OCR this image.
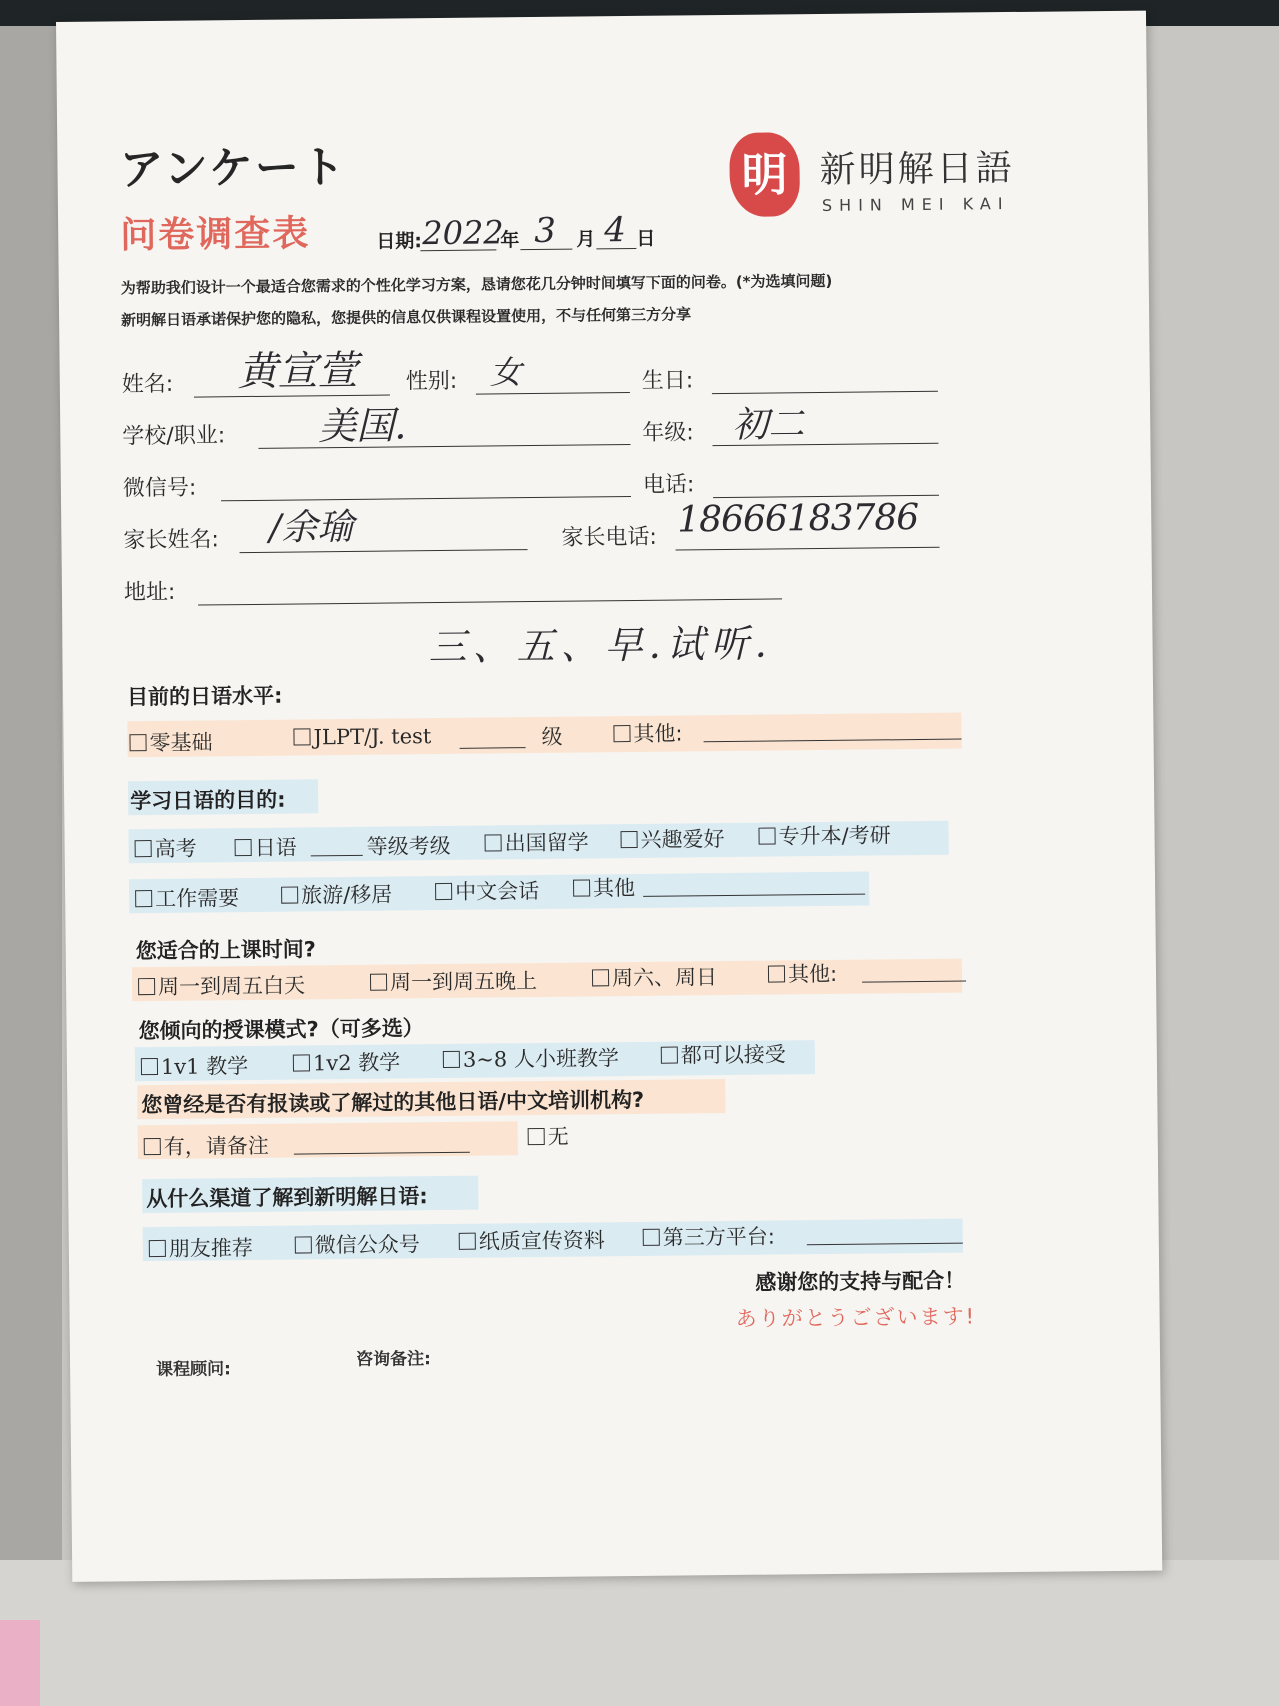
アンケート
问卷调查表
明 新明解日語
SHIN MEI KAI
日期: 2022
年 3 月 4 日
为帮助我们设计一个最适合您需求的个性化学习方案，恳请您花几分钟时间填写下面的问卷。(*为选填问题)
新明解日语承诺保护您的隐私，您提供的信息仅供课程设置使用，不与任何第三方分享
姓名: 黄宣萱 性别: 女	生日:
学校/职业: 美国.	年级: 初二
微信号:	电话:
家长姓名: /余瑜	家长电话: 18666183786
地址:
三、五、早.试听.
目前的日语水平:
零基础	JLPT/J. test	级	其他:
学习日语的目的:
高考	日语	等级考级	出国留学	兴趣爱好	专升本/考研
工作需要	旅游/移居	中文会话	其他
您适合的上课时间?
周一到周五白天	周一到周五晚上	周六、周日	其他:
您倾向的授课模式?（可多选）
1v1 教学	1v2 教学	3~8 人小班教学	都可以接受
您曾经是否有报读或了解过的其他日语/中文培训机构?
有，请备注	无
从什么渠道了解到新明解日语:
朋友推荐	微信公众号	纸质宣传资料	第三方平台:
感谢您的支持与配合！
ありがとうございます!
课程顾问:	咨询备注:
